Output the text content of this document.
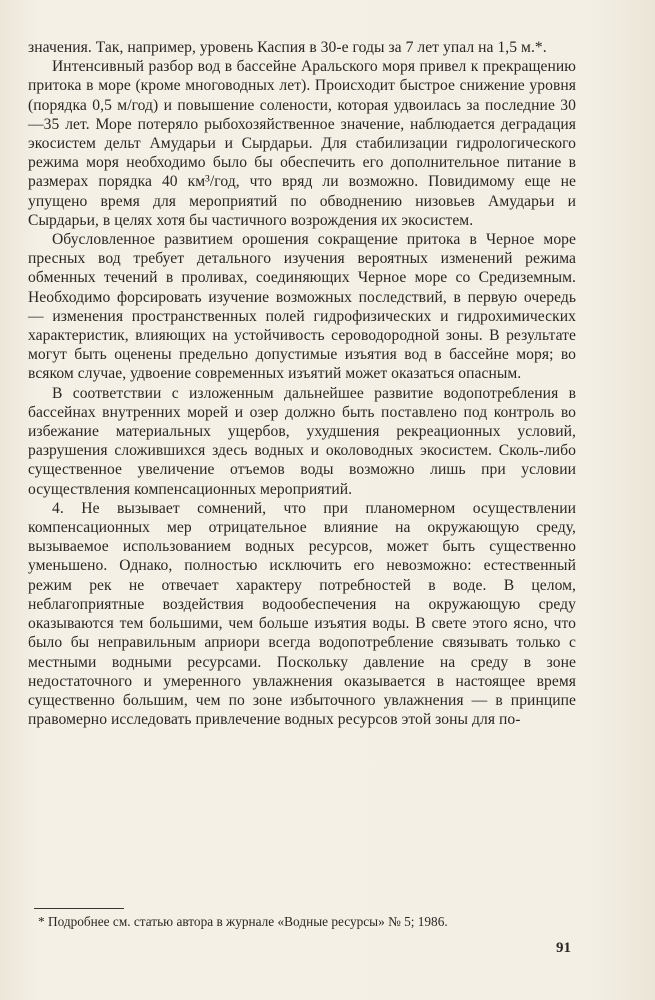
значения. Так, например, уровень Каспия в 30-е годы за 7 лет упал на 1,5 м.*.

Интенсивный разбор вод в бассейне Аральского моря привел к прекращению притока в море (кроме многоводных лет). Происходит быстрое снижение уровня (порядка 0,5 м/год) и повышение солености, которая удвоилась за последние 30—35 лет. Море потеряло рыбохозяйственное значение, наблюдается деградация экосистем дельт Амударьи и Сырдарьи. Для стабилизации гидрологического режима моря необходимо было бы обеспечить его дополнительное питание в размерах порядка 40 км³/год, что вряд ли возможно. Повидимому еще не упущено время для мероприятий по обводнению низовьев Амударьи и Сырдарьи, в целях хотя бы частичного возрождения их экосистем.

Обусловленное развитием орошения сокращение притока в Черное море пресных вод требует детального изучения вероятных изменений режима обменных течений в проливах, соединяющих Черное море со Средиземным. Необходимо форсировать изучение возможных последствий, в первую очередь — изменения пространственных полей гидрофизических и гидрохимических характеристик, влияющих на устойчивость сероводородной зоны. В результате могут быть оценены предельно допустимые изъятия вод в бассейне моря; во всяком случае, удвоение современных изъятий может оказаться опасным.

В соответствии с изложенным дальнейшее развитие водопотребления в бассейнах внутренних морей и озер должно быть поставлено под контроль во избежание материальных ущербов, ухудшения рекреационных условий, разрушения сложившихся здесь водных и околоводных экосистем. Сколь-либо существенное увеличение отъемов воды возможно лишь при условии осуществления компенсационных мероприятий.

4. Не вызывает сомнений, что при планомерном осуществлении компенсационных мер отрицательное влияние на окружающую среду, вызываемое использованием водных ресурсов, может быть существенно уменьшено. Однако, полностью исключить его невозможно: естественный режим рек не отвечает характеру потребностей в воде. В целом, неблагоприятные воздействия водообеспечения на окружающую среду оказываются тем большими, чем больше изъятия воды. В свете этого ясно, что было бы неправильным априори всегда водопотребление связывать только с местными водными ресурсами. Поскольку давление на среду в зоне недостаточного и умеренного увлажнения оказывается в настоящее время существенно большим, чем по зоне избыточного увлажнения — в принципе правомерно исследовать привлечение водных ресурсов этой зоны для по-

* Подробнее см. статью автора в журнале «Водные ресурсы» № 5; 1986.
91
